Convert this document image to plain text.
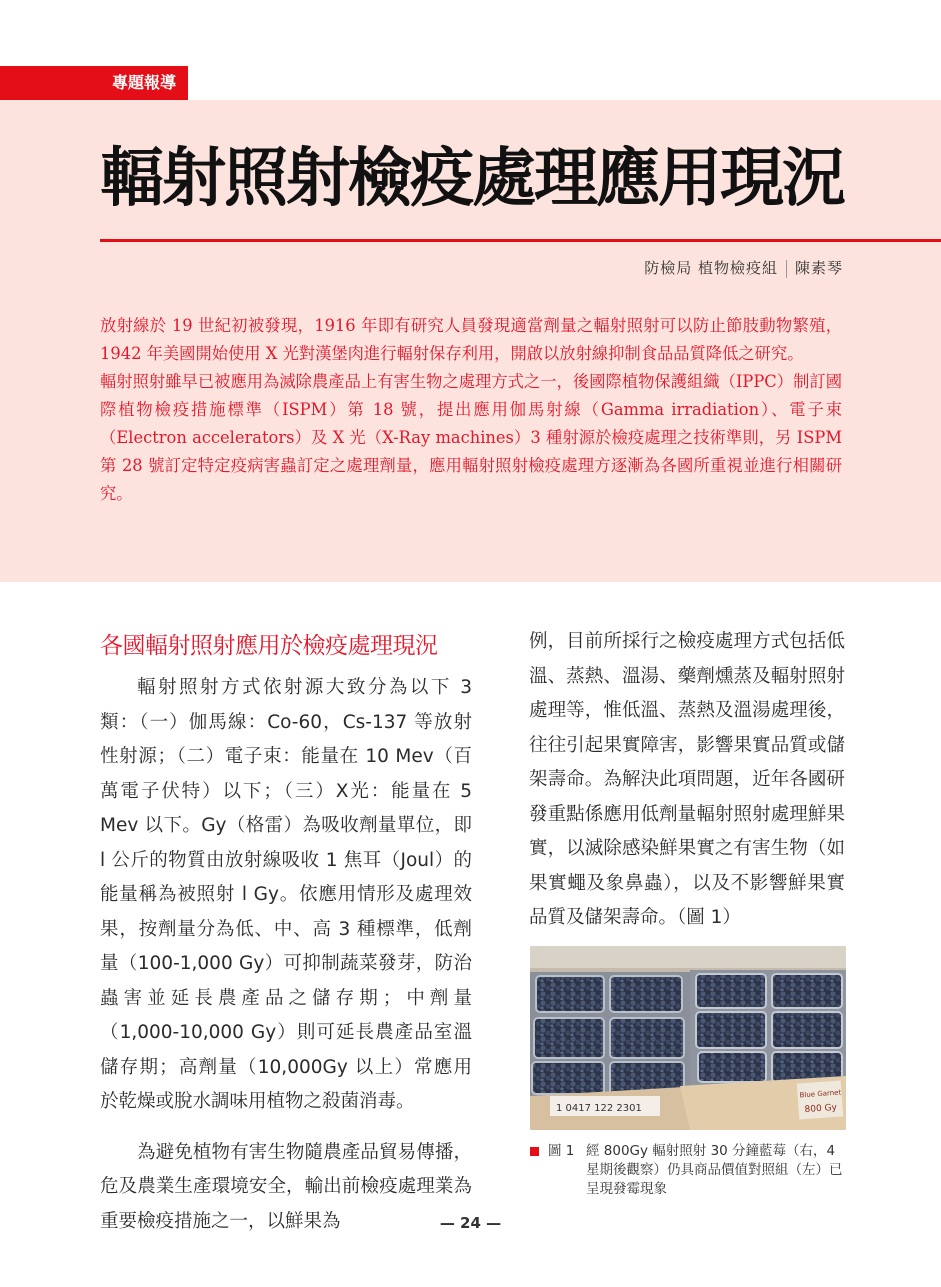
專題報導
輻射照射檢疫處理應用現況
防檢局 植物檢疫組 陳素琴

放射線於 19 世紀初被發現，1916 年即有研究人員發現適當劑量之輻射照射可以防止節肢動物繁殖，1942 年美國開始使用 X 光對漢堡肉進行輻射保存利用，開啟以放射線抑制食品品質降低之研究。

輻射照射雖早已被應用為滅除農產品上有害生物之處理方式之一，後國際植物保護組織（IPPC）制訂國際植物檢疫措施標準（ISPM）第 18 號，提出應用伽馬射線（Gamma irradiation）、電子束（Electron accelerators）及 X 光（X-Ray machines）3 種射源於檢疫處理之技術準則，另 ISPM 第 28 號訂定特定疫病害蟲訂定之處理劑量，應用輻射照射檢疫處理方逐漸為各國所重視並進行相關研究。

各國輻射照射應用於檢疫處理現況

輻射照射方式依射源大致分為以下 3 類：（一）伽馬線：Co-60，Cs-137 等放射性射源；（二）電子束：能量在 10 Mev（百萬電子伏特）以下；（三）X光：能量在 5 Mev 以下。Gy（格雷）為吸收劑量單位，即 l 公斤的物質由放射線吸收 1 焦耳（Joul）的能量稱為被照射 l Gy。依應用情形及處理效果，按劑量分為低、中、高 3 種標準，低劑量（100-1,000 Gy）可抑制蔬菜發芽，防治蟲害並延長農產品之儲存期；中劑量（1,000-10,000 Gy）則可延長農產品室溫儲存期；高劑量（10,000Gy 以上）常應用於乾燥或脫水調味用植物之殺菌消毒。

為避免植物有害生物隨農產品貿易傳播，危及農業生產環境安全，輸出前檢疫處理業為重要檢疫措施之一，以鮮果為

例，目前所採行之檢疫處理方式包括低溫、蒸熱、溫湯、藥劑燻蒸及輻射照射處理等，惟低溫、蒸熱及溫湯處理後，往往引起果實障害，影響果實品質或儲架壽命。為解決此項問題，近年各國研發重點係應用低劑量輻射照射處理鮮果實，以滅除感染鮮果實之有害生物（如果實蠅及象鼻蟲），以及不影響鮮果實品質及儲架壽命。（圖 1）

1 0417 122 2301
Blue Garnet
800 Gy
圖 1 經 800Gy 輻射照射 30 分鐘藍莓（右，4 星期後觀察）仍具商品價值對照組（左）已呈現發霉現象
— 24 —
